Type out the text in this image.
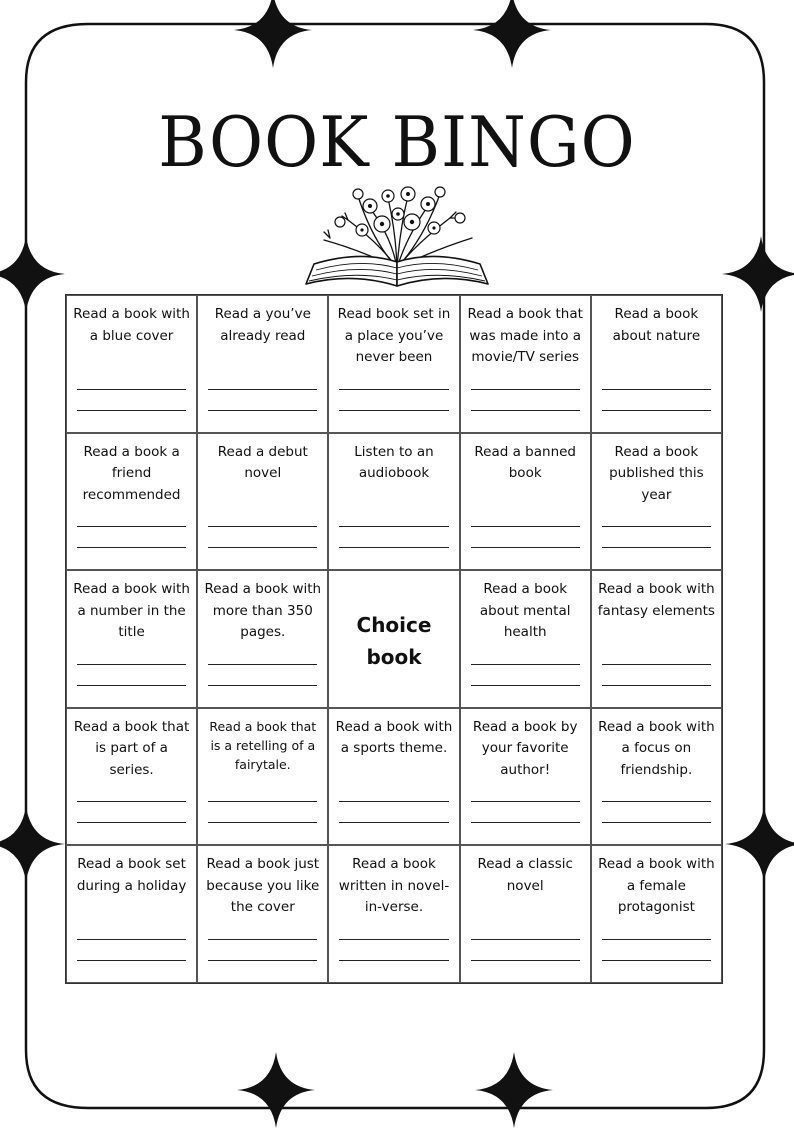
BOOK BINGO
Read a book with a blue cover
Read a you’ve already read
Read book set in a place you’ve never been
Read a book that was made into a movie/TV series
Read a book about nature
Read a book a friend recommended
Read a debut novel
Listen to an audiobook
Read a banned book
Read a book published this year
Read a book with a number in the title
Read a book with more than 350 pages.	Choice book
Read a book about mental health
Read a book with fantasy elements
Read a book that is part of a series.
Read a book that is a retelling of a fairytale.
Read a book with a sports theme.
Read a book by your favorite author!
Read a book with a focus on friendship.
Read a book set during a holiday
Read a book just because you like the cover
Read a book written in novel-in-verse.
Read a classic novel
Read a book with a female protagonist
